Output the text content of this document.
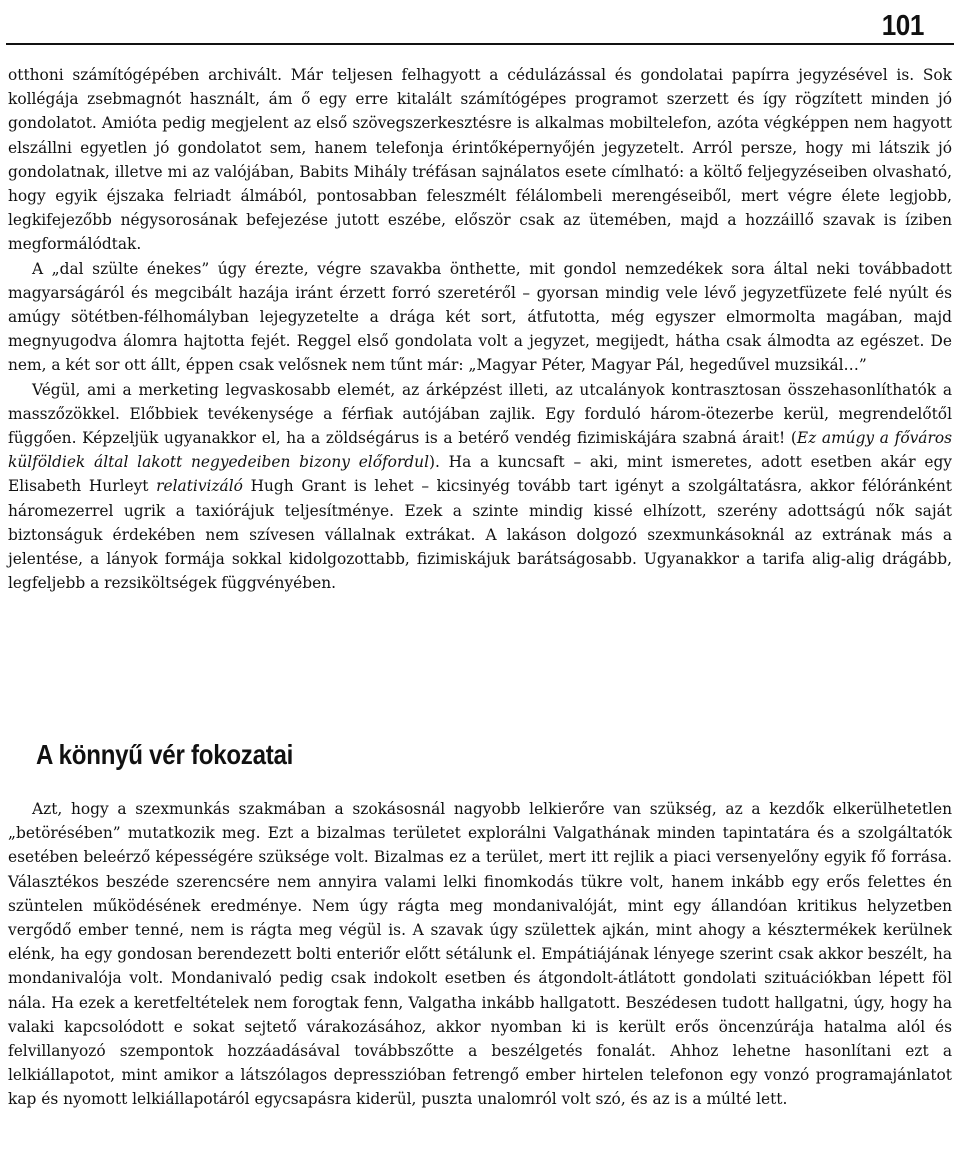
101

otthoni számítógépében archivált. Már teljesen felhagyott a cédulázással és gondolatai papírra jegyzésével is. Sok kollégája zsebmagnót használt, ám ő egy erre kitalált számítógépes programot szerzett és így rögzített minden jó gondolatot. Amióta pedig megjelent az első szövegszerkesztésre is alkalmas mobiltelefon, azóta végképpen nem hagyott elszállni egyetlen jó gondolatot sem, hanem telefonja érintőképernyőjén jegyzetelt. Arról persze, hogy mi látszik jó gondolatnak, illetve mi az valójában, Babits Mihály tréfásan sajnálatos esete címlható: a költő feljegyzéseiben olvasható, hogy egyik éjszaka felriadt álmából, pontosabban feleszmélt félálombeli merengéseiből, mert végre élete legjobb, legkifejezőbb négysorosának befejezése jutott eszébe, először csak az ütemében, majd a hozzáillő szavak is íziben megformálódtak.

A „dal szülte énekes” úgy érezte, végre szavakba önthette, mit gondol nemzedékek sora által neki továbbadott magyarságáról és megcibált hazája iránt érzett forró szeretéről – gyorsan mindig vele lévő jegyzetfüzete felé nyúlt és amúgy sötétben-félhomályban lejegyzetelte a drága két sort, átfutotta, még egyszer elmormolta magában, majd megnyugodva álomra hajtotta fejét. Reggel első gondolata volt a jegyzet, megijedt, hátha csak álmodta az egészet. De nem, a két sor ott állt, éppen csak velősnek nem tűnt már: „Magyar Péter, Magyar Pál, hegedűvel muzsikál…”

Végül, ami a merketing legvaskosabb elemét, az árképzést illeti, az utcalányok kontrasztosan összehasonlíthatók a masszőzökkel. Előbbiek tevékenysége a férfiak autójában zajlik. Egy forduló három-ötezerbe kerül, megrendelőtől függően. Képzeljük ugyanakkor el, ha a zöldségárus is a betérő vendég fizimiskájára szabná árait! (Ez amúgy a főváros külföldiek által lakott negyedeiben bizony előfordul). Ha a kuncsaft – aki, mint ismeretes, adott esetben akár egy Elisabeth Hurleyt relativizáló Hugh Grant is lehet – kicsinyég tovább tart igényt a szolgáltatásra, akkor félóránként háromezerrel ugrik a taxiórájuk teljesítménye. Ezek a szinte mindig kissé elhízott, szerény adottságú nők saját biztonságuk érdekében nem szívesen vállalnak extrákat. A lakáson dolgozó szexmunkásoknál az extrának más a jelentése, a lányok formája sokkal kidolgozottabb, fizimiskájuk barátságosabb. Ugyanakkor a tarifa alig-alig drágább, legfeljebb a rezsiköltségek függvényében.

A könnyű vér fokozatai

Azt, hogy a szexmunkás szakmában a szokásosnál nagyobb lelkierőre van szükség, az a kezdők elkerülhetetlen „betörésében” mutatkozik meg. Ezt a bizalmas területet explorálni Valgathának minden tapintatára és a szolgáltatók esetében beleérző képességére szüksége volt. Bizalmas ez a terület, mert itt rejlik a piaci versenyelőny egyik fő forrása. Választékos beszéde szerencsére nem annyira valami lelki finomkodás tükre volt, hanem inkább egy erős felettes én szüntelen működésének eredménye. Nem úgy rágta meg mondanivalóját, mint egy állandóan kritikus helyzetben vergődő ember tenné, nem is rágta meg végül is. A szavak úgy születtek ajkán, mint ahogy a késztermékek kerülnek elénk, ha egy gondosan berendezett bolti enteriőr előtt sétálunk el. Empátiájának lényege szerint csak akkor beszélt, ha mondanivalója volt. Mondanivaló pedig csak indokolt esetben és átgondolt-átlátott gondolati szituációkban lépett föl nála. Ha ezek a keretfeltételek nem forogtak fenn, Valgatha inkább hallgatott. Beszédesen tudott hallgatni, úgy, hogy ha valaki kapcsolódott e sokat sejtető várakozásához, akkor nyomban ki is került erős öncenzúrája hatalma alól és felvillanyozó szempontok hozzáadásával továbbszőtte a beszélgetés fonalát. Ahhoz lehetne hasonlítani ezt a lelkiállapotot, mint amikor a látszólagos depresszióban fetrengő ember hirtelen telefonon egy vonzó programajánlatot kap és nyomott lelkiállapotáról egycsapásra kiderül, puszta unalomról volt szó, és az is a múlté lett.
